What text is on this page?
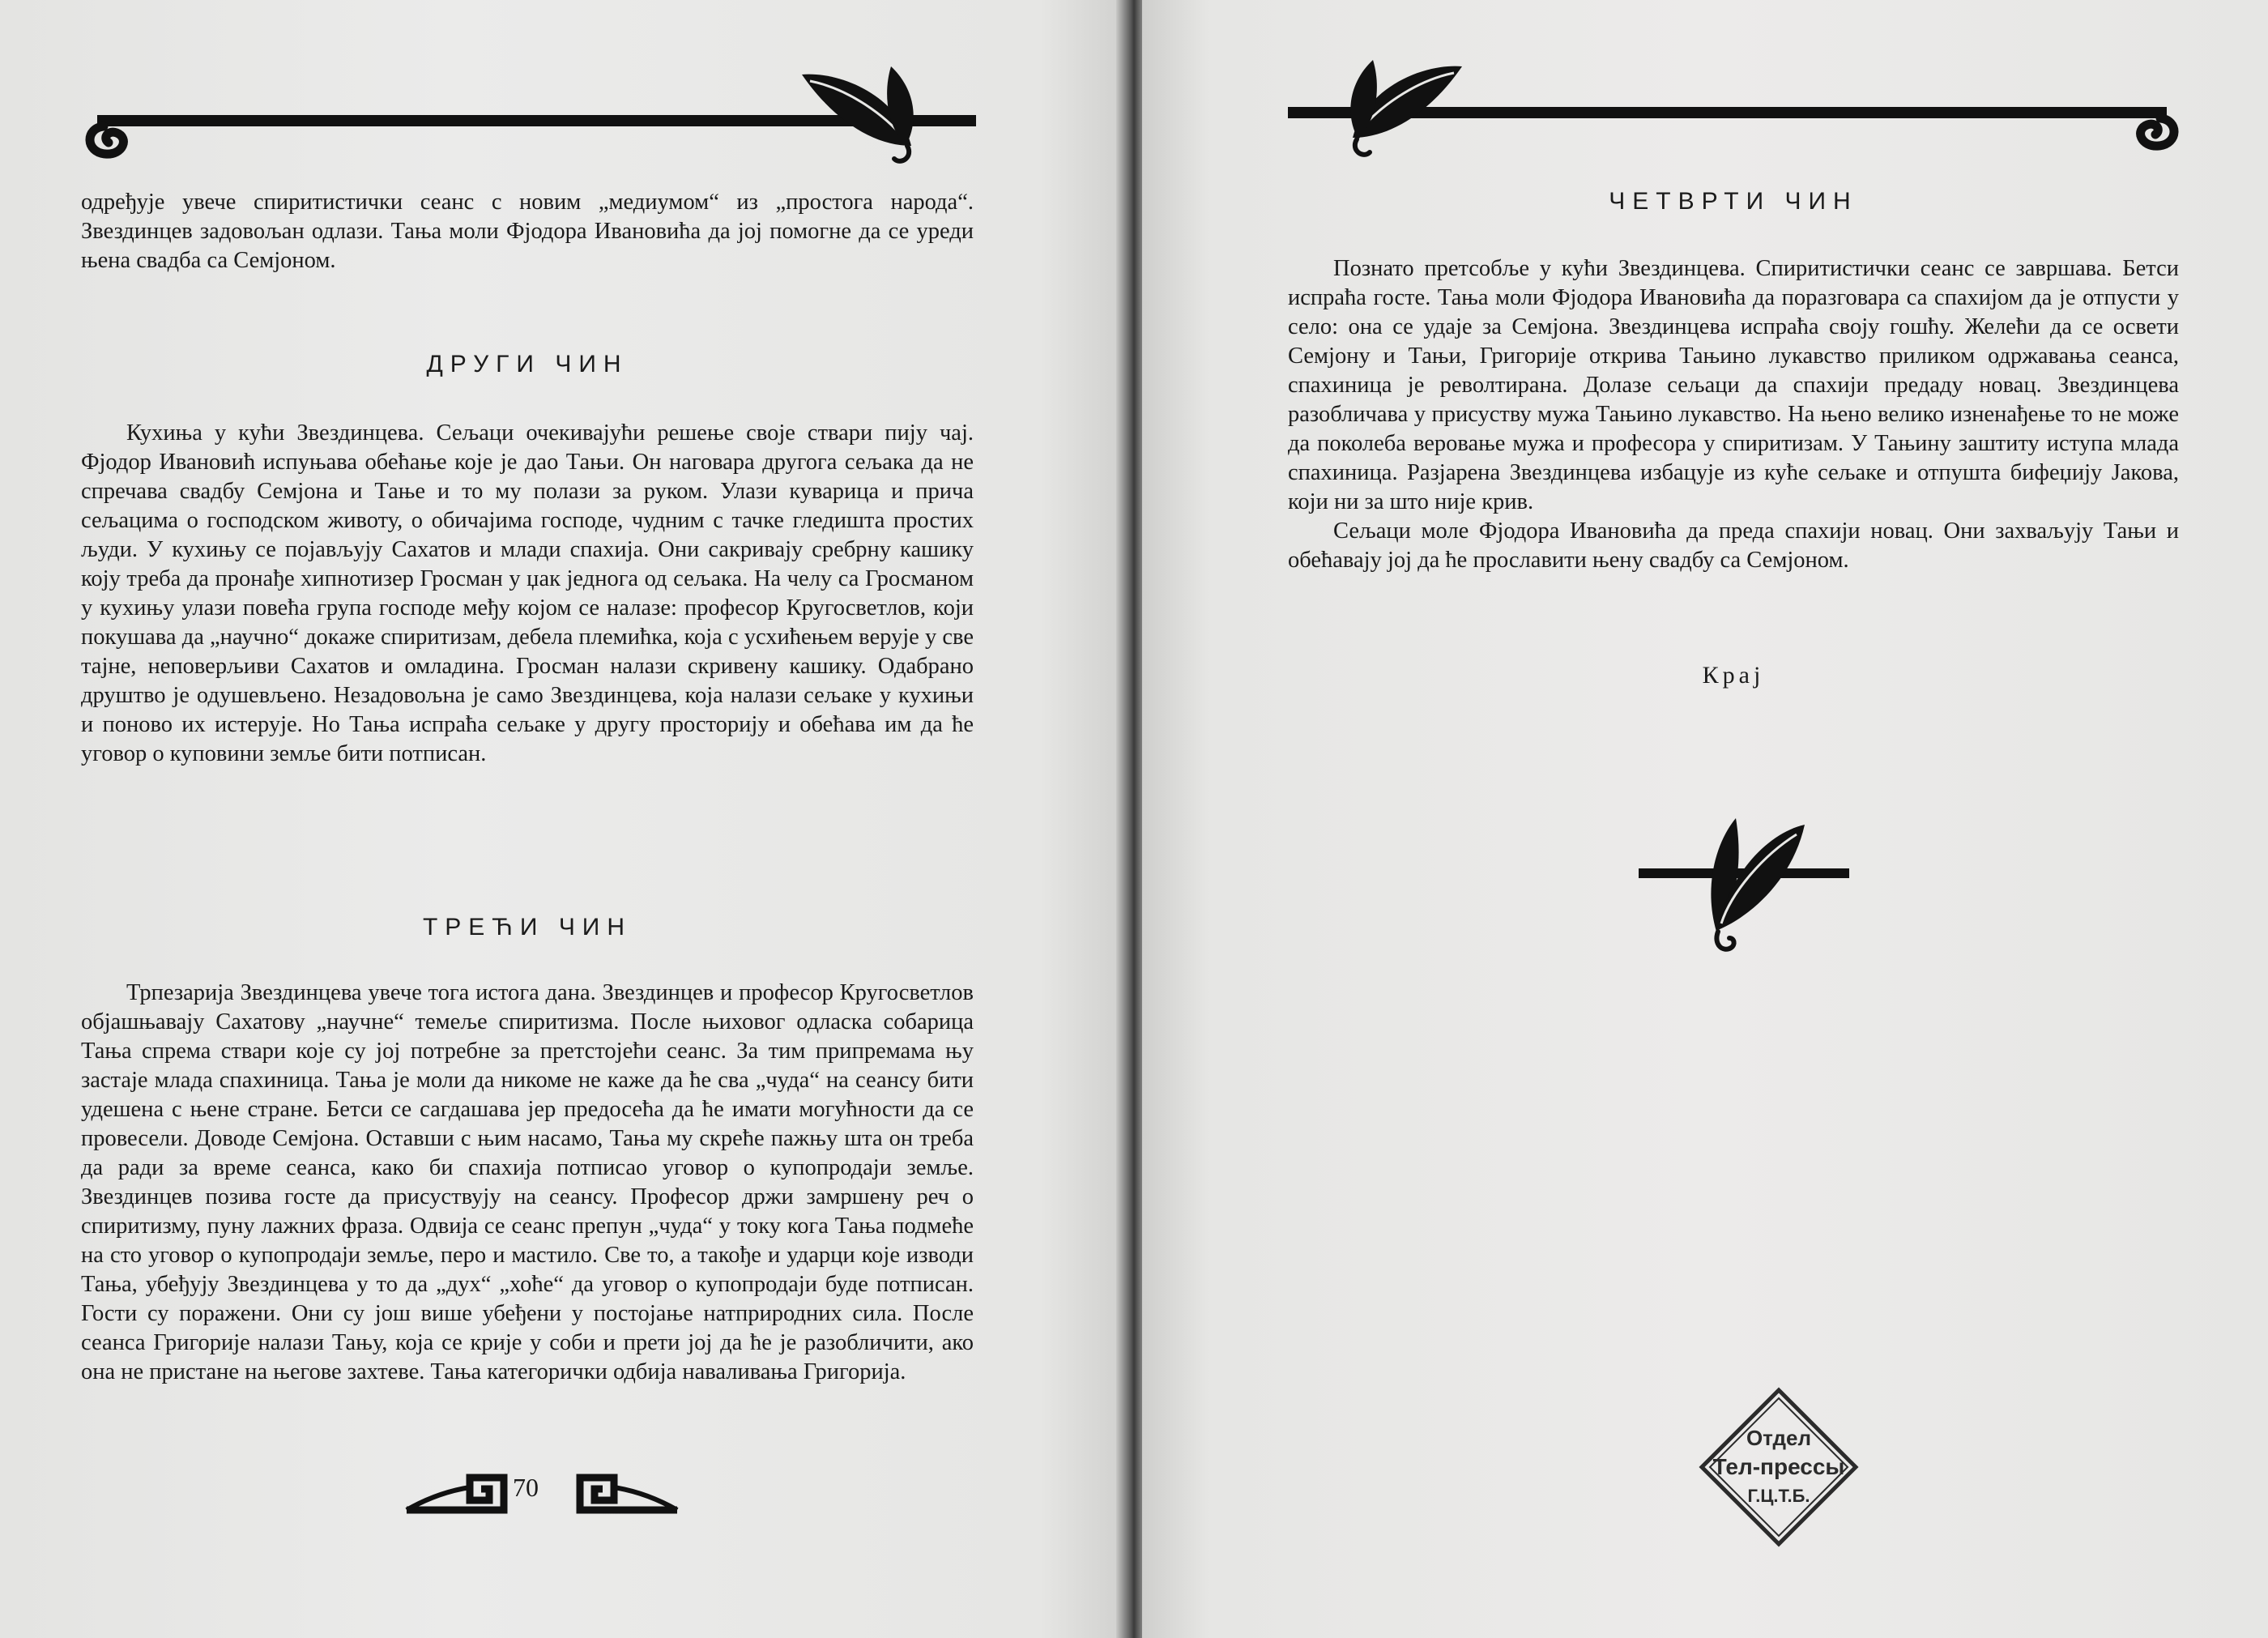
одређује увече спиритистички сеанс с новим „медиумом“ из „простога народа“. Звездинцев задовољан одлази. Тања моли Фјодора Ивановића да јој помогне да се уреди њена свадба са Семјоном.

ДРУГИ ЧИН

Кухиња у кући Звездинцева. Сељаци очекивајући решење своје ствари пију чај. Фјодор Ивановић испуњава обећање које је дао Тањи. Он наговара другога сељака да не спречава свадбу Семјона и Тање и то му полази за руком. Улази куварица и прича сељацима о господском животу, о обичајима господе, чудним с тачке гледишта простих људи. У кухињу се појављују Сахатов и млади спахија. Они сакривају сребрну кашику коју треба да пронађе хипнотизер Гросман у џак једнога од сељака. На челу са Гросманом у кухињу улази повећа група господе међу којом се налазе: професор Кругосветлов, који покушава да „научно“ докаже спиритизам, дебела племићка, која с усхићењем верује у све тајне, неповерљиви Сахатов и омладина. Гросман налази скривену кашику. Одабрано друштво је одушевљено. Незадовољна је само Звездинцева, која налази сељаке у кухињи и поново их истерује. Но Тања испраћа сељаке у другу просторију и обећава им да ће уговор о куповини земље бити потписан.

ТРЕЋИ ЧИН

Трпезарија Звездинцева увече тога истога дана. Звездинцев и професор Кругосветлов објашњавају Сахатову „научне“ темеље спиритизма. После њиховог одласка собарица Тања спрема ствари које су јој потребне за претстојећи сеанс. За тим припремама њу застаје млада спахиница. Тања је моли да никоме не каже да ће сва „чуда“ на сеансу бити удешена с њене стране. Бетси се сагдашава јер предосећа да ће имати могућности да се провесели. Доводе Семјона. Оставши с њим насамо, Тања му скреће пажњу шта он треба да ради за време сеанса, како би спахија потписао уговор о купопродаји земље. Звездинцев позива госте да присуствују на сеансу. Професор држи замршену реч о спиритизму, пуну лажних фраза. Одвија се сеанс препун „чуда“ у току кога Тања подмеће на сто уговор о купопродаји земље, перо и мастило. Све то, а такође и ударци које изводи Тања, убеђују Звездинцева у то да „дух“ „хоће“ да уговор о купопродаји буде потписан. Гости су поражени. Они су још више убеђени у постојање натприродних сила. После сеанса Григорије налази Тању, која се крије у соби и прети јој да ће је разобличити, ако она не пристане на његове захтеве. Тања категорички одбија наваливања Григорија.

70
ЧЕТВРТИ ЧИН

Познато претсобље у кући Звездинцева. Спиритистички сеанс се завршава. Бетси испраћа госте. Тања моли Фјодора Ивановића да поразговара са спахијом да је отпусти у село: она се удаје за Семјона. Звездинцева испраћа своју гошћу. Желећи да се освети Семјону и Тањи, Григорије открива Тањино лукавство приликом одржавања сеанса, спахиница је револтирана. Долазе сељаци да спахији предаду новац. Звездинцева разобличава у присуству мужа Тањино лукавство. На њено велико изненађење то не може да поколеба веровање мужа и професора у спиритизам. У Тањину заштиту иступа млада спахиница. Разјарена Звездинцева избацује из куће сељаке и отпушта бифеџију Јакова, који ни за што није крив.

Сељаци моле Фјодора Ивановића да преда спахији новац. Они захваљују Тањи и обећавају јој да ће прославити њену свадбу са Семјоном.

Крај
Отдел
Тел-прессы
Г.Ц.Т.Б.
